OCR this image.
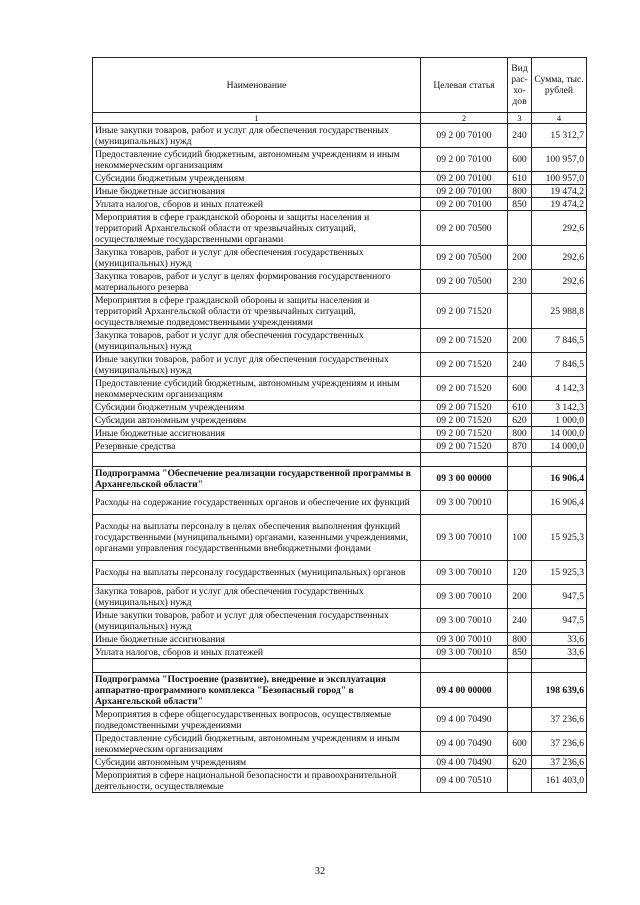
Наименование	Целевая статья	Вид рас-хо-дов	Сумма, тыс. рублей
1	2	3	4
Иные закупки товаров, работ и услуг для обеспечения государственных (муниципальных) нужд	09 2 00 70100	240	15 312,7
Предоставление субсидий бюджетным, автономным учреждениям и иным некоммерческим организациям	09 2 00 70100	600	100 957,0
Субсидии бюджетным учреждениям	09 2 00 70100	610	100 957,0
Иные бюджетные ассигнования	09 2 00 70100	800	19 474,2
Уплата налогов, сборов и иных платежей	09 2 00 70100	850	19 474,2
Мероприятия в сфере гражданской обороны и защиты населения и территорий Архангельской области от чрезвычайных ситуаций, осуществляемые государственными органами	09 2 00 70500		292,6
Закупка товаров, работ и услуг для обеспечения государственных (муниципальных) нужд	09 2 00 70500	200	292,6
Закупка товаров, работ и услуг в целях формирования государственного материального резерва	09 2 00 70500	230	292,6
Мероприятия в сфере гражданской обороны и защиты населения и территорий Архангельской области от чрезвычайных ситуаций, осуществляемые подведомственными учреждениями	09 2 00 71520		25 988,8
Закупка товаров, работ и услуг для обеспечения государственных (муниципальных) нужд	09 2 00 71520	200	7 846,5
Иные закупки товаров, работ и услуг для обеспечения государственных (муниципальных) нужд	09 2 00 71520	240	7 846,5
Предоставление субсидий бюджетным, автономным учреждениям и иным некоммерческим организациям	09 2 00 71520	600	4 142,3
Субсидии бюджетным учреждениям	09 2 00 71520	610	3 142,3
Субсидии автономным учреждениям	09 2 00 71520	620	1 000,0
Иные бюджетные ассигнования	09 2 00 71520	800	14 000,0
Резервные средства	09 2 00 71520	870	14 000,0

Подпрограмма "Обеспечение реализации государственной программы в Архангельской области"	09 3 00 00000		16 906,4
Расходы на содержание государственных органов и обеспечение их функций	09 3 00 70010		16 906,4
Расходы на выплаты персоналу в целях обеспечения выполнения функций государственными (муниципальными) органами, казенными учреждениями, органами управления государственными внебюджетными фондами	09 3 00 70010	100	15 925,3
Расходы на выплаты персоналу государственных (муниципальных) органов	09 3 00 70010	120	15 925,3
Закупка товаров, работ и услуг для обеспечения государственных (муниципальных) нужд	09 3 00 70010	200	947,5
Иные закупки товаров, работ и услуг для обеспечения государственных (муниципальных) нужд	09 3 00 70010	240	947,5
Иные бюджетные ассигнования	09 3 00 70010	800	33,6
Уплата налогов, сборов и иных платежей	09 3 00 70010	850	33,6

Подпрограмма "Построение (развитие), внедрение и эксплуатация аппаратно-программного комплекса "Безопасный город" в Архангельской области"	09 4 00 00000		198 639,6
Мероприятия в сфере общегосударственных вопросов, осуществляемые подведомственными учреждениями	09 4 00 70490		37 236,6
Предоставление субсидий бюджетным, автономным учреждениям и иным некоммерческим организациям	09 4 00 70490	600	37 236,6
Субсидии автономным учреждениям	09 4 00 70490	620	37 236,6
Мероприятия в сфере национальной безопасности и правоохранительной деятельности, осуществляемые	09 4 00 70510		161 403,0
32
